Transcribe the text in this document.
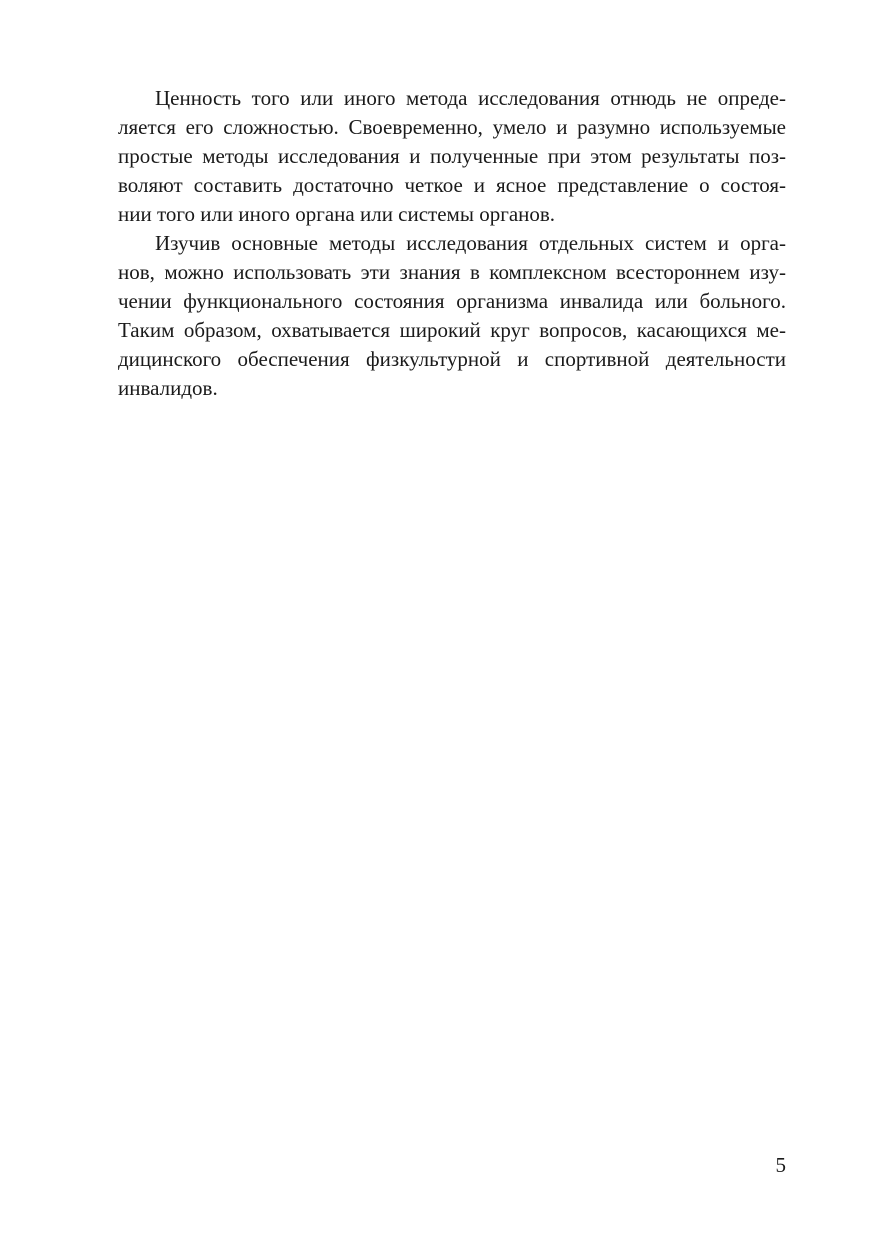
Ценность того или иного метода исследования отнюдь не опреде-
ляется его сложностью. Своевременно, умело и разумно используемые
простые методы исследования и полученные при этом результаты поз-
воляют составить достаточно четкое и ясное представление о состоя-
нии того или иного органа или системы органов.
Изучив основные методы исследования отдельных систем и орга-
нов, можно использовать эти знания в комплексном всестороннем изу-
чении функционального состояния организма инвалида или больного.
Таким образом, охватывается широкий круг вопросов, касающихся ме-
дицинского обеспечения физкультурной и спортивной деятельности
инвалидов.
5
